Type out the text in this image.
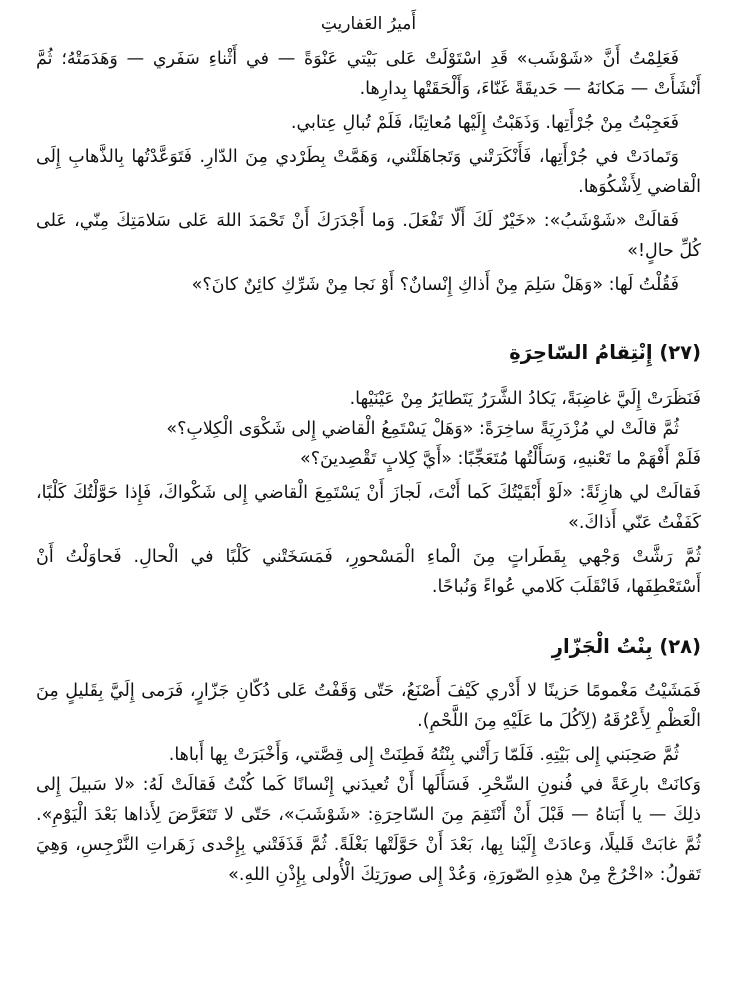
أَميرُ العَفاريتِ

فَعَلِمْتُ أَنَّ «شَوْشَب» قَدِ اسْتَوْلَتْ عَلى بَيْتي عَنْوَةً — في أَثْناءِ سَفَري — وَهَدَمَتْهُ؛ ثُمَّ أَنْشَأَتْ — مَكانَهُ — حَديقَةً غَنّاءَ، وَأَلْحَقَتْها بِدارِها.

فَعَجِبْتُ مِنْ جُرْأَتِها. وَذَهَبْتُ إِلَيْها مُعاتِبًا، فَلَمْ تُبالِ عِتابي.

وَتَمادَتْ في جُرْأَتِها، فَأَنْكَرَتْني وَتَجاهَلَتْني، وَهَمَّتْ بِطَرْدي مِنَ الدّارِ. فَتَوَعَّدْتُها بِالذَّهابِ إِلَى الْقاضي لِأَشْكُوَها.

فَقالَتْ «شَوْشَبُ»: «خَيْرٌ لَكَ أَلّا تَفْعَلَ. وَما أَجْدَرَكَ أَنْ تَحْمَدَ اللهَ عَلى سَلامَتِكَ مِنّي، عَلى كُلِّ حالٍ!»

فَقُلْتُ لَها: «وَهَلْ سَلِمَ مِنْ أَذاكِ إِنْسانٌ؟ أَوْ نَجا مِنْ شَرِّكِ كائِنٌ كانَ؟»

(٢٧) إِنْتِقامُ السّاحِرَةِ

فَنَظَرَتْ إِلَيَّ غاضِبَةً، يَكادُ الشَّرَرُ يَتَطايَرُ مِنْ عَيْنَيْها.

ثُمَّ قالَتْ لي مُزْدَرِيَةً ساخِرَةً: «وَهَلْ يَسْتَمِعُ الْقاضي إِلى شَكْوَى الْكِلابِ؟»

فَلَمْ أَفْهَمْ ما تَعْنيهِ، وَسَأَلْتُها مُتَعَجِّبًا: «أَيَّ كِلابٍ تَقْصِدينَ؟»

فَقالَتْ لي هازِئَةً: «لَوْ أَبْقَيْتُكَ كَما أَنْتَ، لَجازَ أَنْ يَسْتَمِعَ الْقاضي إِلى شَكْواكَ، فَإِذا حَوَّلْتُكَ كَلْبًا، كَفَفْتُ عَنّي أَذاكَ.»

ثُمَّ رَشَّتْ وَجْهي بِقَطَراتٍ مِنَ الْماءِ الْمَسْحورِ، فَمَسَخَتْني كَلْبًا في الْحالِ. فَحاوَلْتُ أَنْ أَسْتَعْطِفَها، فَانْقَلَبَ كَلامي عُواءً وَنُباحًا.

(٢٨) بِنْتُ الْجَزّارِ

فَمَشَيْتُ مَغْمومًا حَزينًا لا أَدْري كَيْفَ أَصْنَعُ، حَتّى وَقَفْتُ عَلى دُكّانِ جَزّارٍ، فَرَمى إِلَيَّ بِقَليلٍ مِنَ الْعَظْمِ لِأَعْرُقَهُ (لِآكُلَ ما عَلَيْهِ مِنَ اللَّحْمِ).

ثُمَّ صَحِبَني إِلى بَيْتِهِ. فَلَمّا رَأَتْني بِنْتُهُ فَطِنَتْ إِلى قِصَّتي، وَأَخْبَرَتْ بِها أَباها.

وَكانَتْ بارِعَةً في فُنونِ السِّحْرِ. فَسَأَلَها أَنْ تُعيدَني إِنْسانًا كَما كُنْتُ فَقالَتْ لَهُ: «لا سَبيلَ إِلى ذلِكَ — يا أَبَتاهُ — قَبْلَ أَنْ أَنْتَقِمَ مِنَ السّاحِرَةِ: «شَوْشَبَ»، حَتّى لا تَتَعَرَّضَ لِأَذاها بَعْدَ الْيَوْمِ». ثُمَّ غابَتْ قَليلًا، وَعادَتْ إِلَيْنا بِها، بَعْدَ أَنْ حَوَّلَتْها بَغْلَةً. ثُمَّ قَذَفَتْني بِإِحْدى زَهَراتِ النَّرْجِسِ، وَهِيَ تَقولُ: «اخْرُجْ مِنْ هذِهِ الصّورَةِ، وَعُدْ إِلى صورَتِكَ الْأُولى بِإِذْنِ اللهِ.»
